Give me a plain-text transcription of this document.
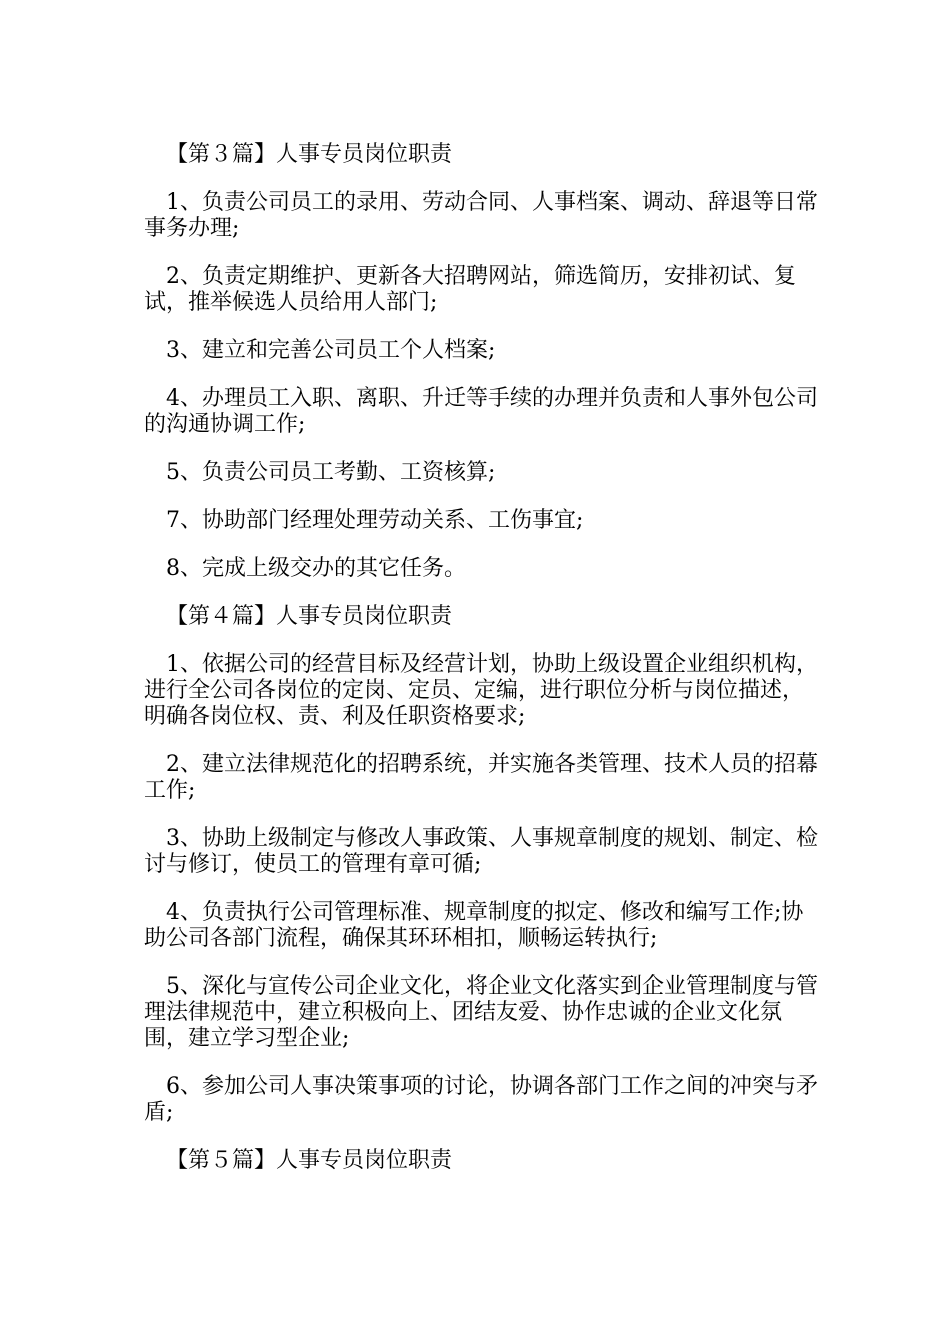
【第３篇】人事专员岗位职责

1、负责公司员工的录用、劳动合同、人事档案、调动、辞退等日常事务办理;

2、负责定期维护、更新各大招聘网站，筛选简历，安排初试、复试，推举候选人员给用人部门;

3、建立和完善公司员工个人档案;

4、办理员工入职、离职、升迁等手续的办理并负责和人事外包公司的沟通协调工作;

5、负责公司员工考勤、工资核算;

7、协助部门经理处理劳动关系、工伤事宜;

8、完成上级交办的其它任务。

【第４篇】人事专员岗位职责

1、依据公司的经营目标及经营计划，协助上级设置企业组织机构，进行全公司各岗位的定岗、定员、定编，进行职位分析与岗位描述，明确各岗位权、责、利及任职资格要求;

2、建立法律规范化的招聘系统，并实施各类管理、技术人员的招幕工作;

3、协助上级制定与修改人事政策、人事规章制度的规划、制定、检讨与修订，使员工的管理有章可循;

4、负责执行公司管理标准、规章制度的拟定、修改和编写工作;协助公司各部门流程，确保其环环相扣，顺畅运转执行;

5、深化与宣传公司企业文化，将企业文化落实到企业管理制度与管理法律规范中，建立积极向上、团结友爱、协作忠诚的企业文化氛围，建立学习型企业;

6、参加公司人事决策事项的讨论，协调各部门工作之间的冲突与矛盾;

【第５篇】人事专员岗位职责
